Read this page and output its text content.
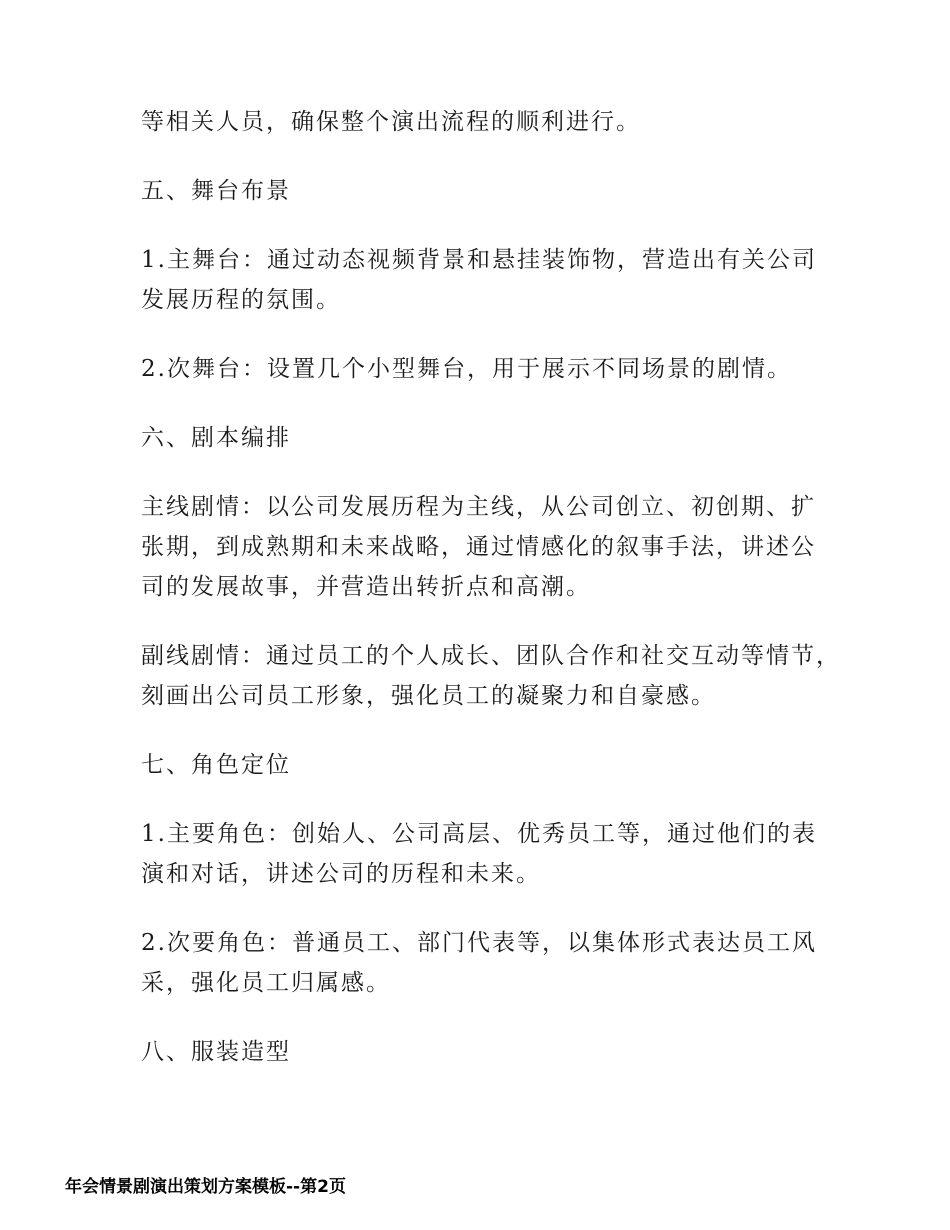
等相关人员，确保整个演出流程的顺利进行。
五、舞台布景
1.主舞台：通过动态视频背景和悬挂装饰物，营造出有关公司
发展历程的氛围。
2.次舞台：设置几个小型舞台，用于展示不同场景的剧情。
六、剧本编排
主线剧情：以公司发展历程为主线，从公司创立、初创期、扩
张期，到成熟期和未来战略，通过情感化的叙事手法，讲述公
司的发展故事，并营造出转折点和高潮。
副线剧情：通过员工的个人成长、团队合作和社交互动等情节，
刻画出公司员工形象，强化员工的凝聚力和自豪感。
七、角色定位
1.主要角色：创始人、公司高层、优秀员工等，通过他们的表
演和对话，讲述公司的历程和未来。
2.次要角色：普通员工、部门代表等，以集体形式表达员工风
采，强化员工归属感。
八、服装造型
年会情景剧演出策划方案模板--第2页
